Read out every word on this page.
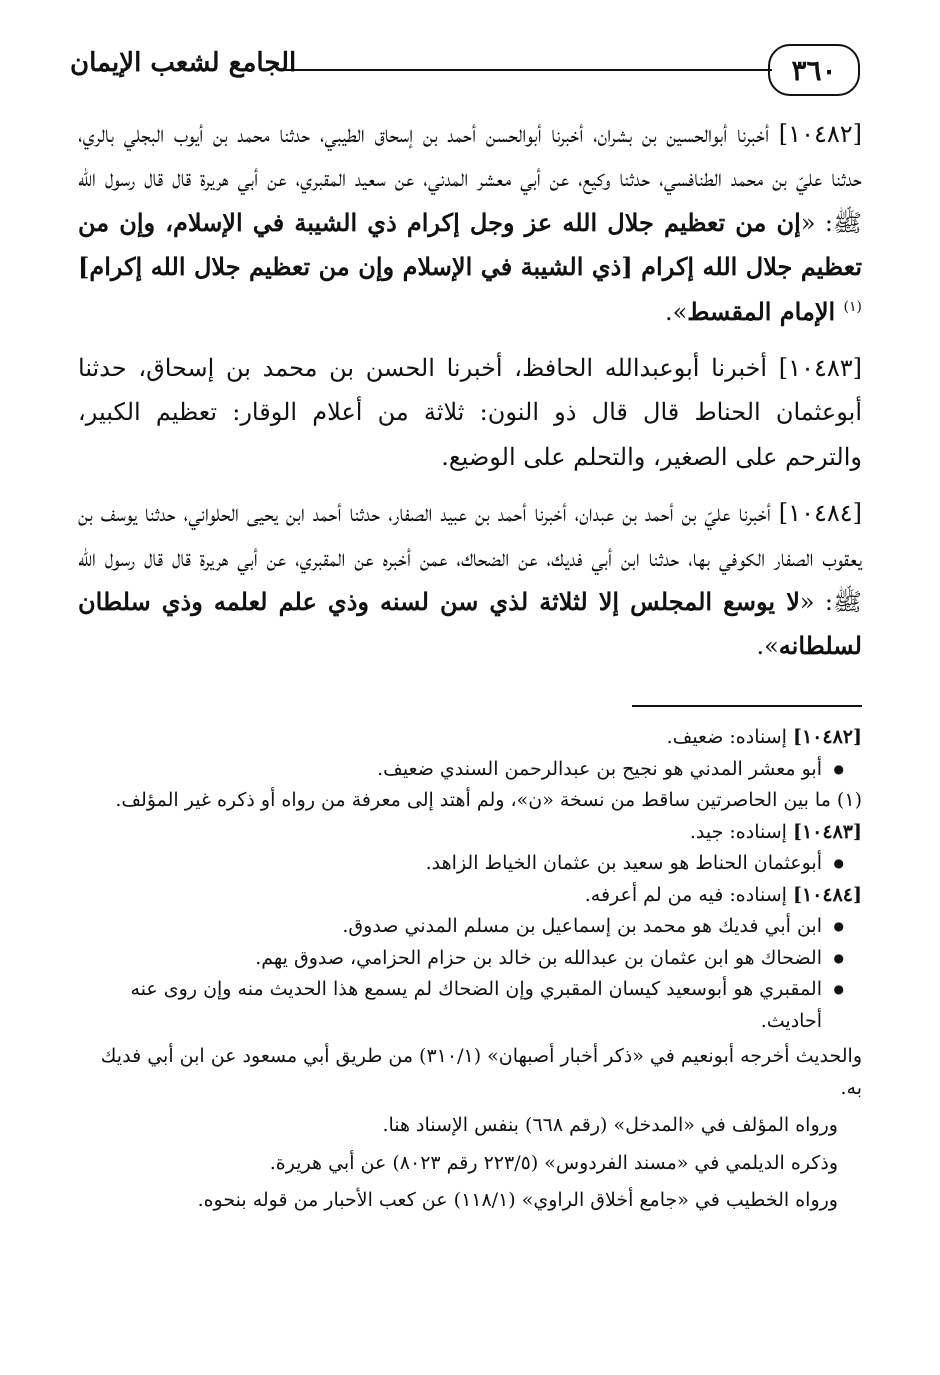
٣٦٠
الجامع لشعب الإيمان

[١٠٤٨٢] أخبرنا أبوالحسين بن بشران، أخبرنا أبوالحسن أحمد بن إسحاق الطيبي، حدثنا محمد بن أيوب البجلي بالري، حدثنا عليّ بن محمد الطنافسي، حدثنا وكيع، عن أبي معشر المدني، عن سعيد المقبري، عن أبي هريرة قال قال رسول الله ﷺ: «إن من تعظيم جلال الله عز وجل إكرام ذي الشيبة في الإسلام، وإن من تعظيم جلال الله إكرام [ذي الشيبة في الإسلام وإن من تعظيم جلال الله إكرام]$^{(١)}$ الإمام المقسط».

[١٠٤٨٣] أخبرنا أبوعبدالله الحافظ، أخبرنا الحسن بن محمد بن إسحاق، حدثنا أبوعثمان الحناط قال قال ذو النون: ثلاثة من أعلام الوقار: تعظيم الكبير، والترحم على الصغير، والتحلم على الوضيع.

[١٠٤٨٤] أخبرنا عليّ بن أحمد بن عبدان، أخبرنا أحمد بن عبيد الصفار، حدثنا أحمد ابن يحيى الحلواني، حدثنا يوسف بن يعقوب الصفار الكوفي بها، حدثنا ابن أبي فديك، عن الضحاك، عمن أخبره عن المقبري، عن أبي هريرة قال قال رسول الله ﷺ: «لا يوسع المجلس إلا لثلاثة لذي سن لسنه وذي علم لعلمه وذي سلطان لسلطانه».

[١٠٤٨٢] إسناده: ضعيف.

● أبو معشر المدني هو نجيح بن عبدالرحمن السندي ضعيف.

(١) ما بين الحاصرتين ساقط من نسخة «ن»، ولم أهتد إلى معرفة من رواه أو ذكره غير المؤلف.

[١٠٤٨٣] إسناده: جيد.

● أبوعثمان الحناط هو سعيد بن عثمان الخياط الزاهد.

[١٠٤٨٤] إسناده: فيه من لم أعرفه.

● ابن أبي فديك هو محمد بن إسماعيل بن مسلم المدني صدوق.

● الضحاك هو ابن عثمان بن عبدالله بن خالد بن حزام الحزامي، صدوق يهم.

● المقبري هو أبوسعيد كيسان المقبري وإن الضحاك لم يسمع هذا الحديث منه وإن روى عنه أحاديث.

والحديث أخرجه أبونعيم في «ذكر أخبار أصبهان» (٣١٠/١) من طريق أبي مسعود عن ابن أبي فديك به.

ورواه المؤلف في «المدخل» (رقم ٦٦٨) بنفس الإسناد هنا.

وذكره الديلمي في «مسند الفردوس» (٢٢٣/٥ رقم ٨٠٢٣) عن أبي هريرة.

ورواه الخطيب في «جامع أخلاق الراوي» (١١٨/١) عن كعب الأحبار من قوله بنحوه.
